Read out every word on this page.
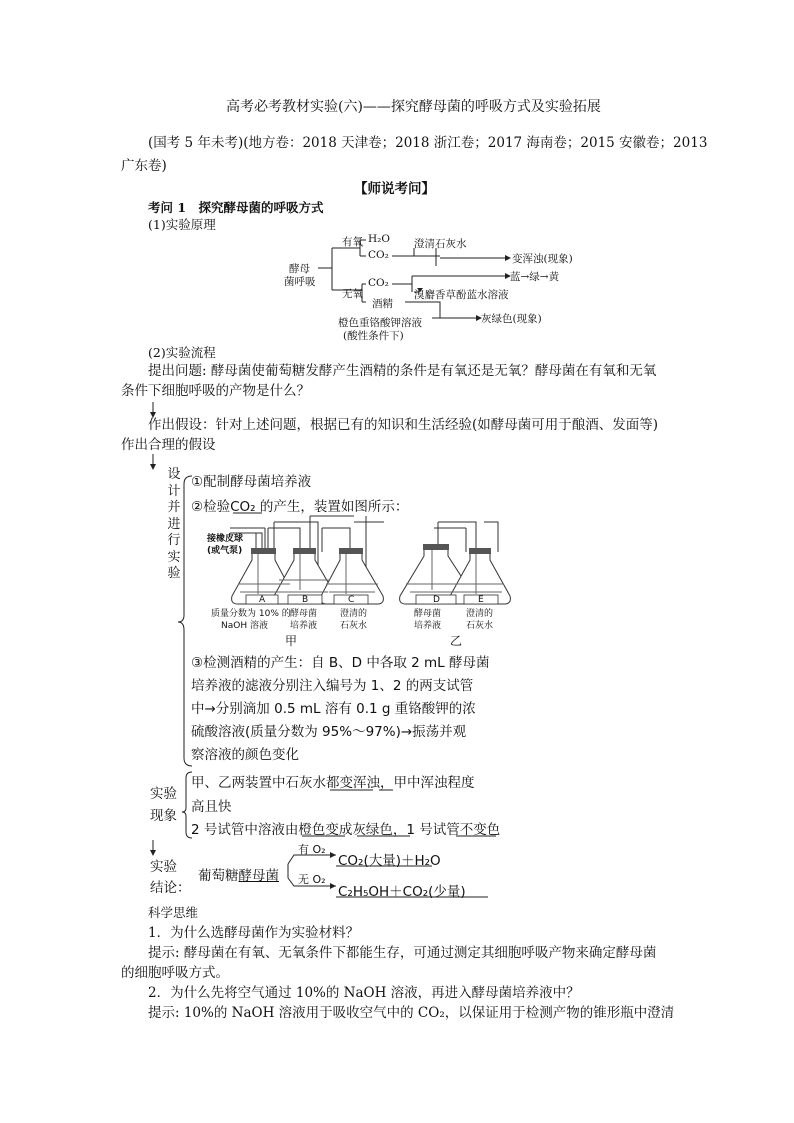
高考必考教材实验(六)——探究酵母菌的呼吸方式及实验拓展
(国考 5 年未考)(地方卷：2018 天津卷；2018 浙江卷；2017 海南卷；2015 安徽卷；2013
广东卷)
【师说考问】
考问 1　探究酵母菌的呼吸方式
(1)实验原理
酵母
菌呼吸
有氧
无氧
H₂O
CO₂
CO₂
酒精
澄清石灰水
变浑浊(现象)
蓝→绿→黄
溴麝香草酚蓝水溶液
橙色重铬酸钾溶液
(酸性条件下)
灰绿色(现象)
(2)实验流程
提出问题: 酵母菌使葡萄糖发酵产生酒精的条件是有氧还是无氧？酵母菌在有氧和无氧
条件下细胞呼吸的产物是什么？
作出假设：针对上述问题，根据已有的知识和生活经验(如酵母菌可用于酿酒、发面等)
作出合理的假设
设
计
并
进
行
实
验
①配制酵母菌培养液
②检验CO₂ 的产生，装置如图所示：
接橡皮球
(或气泵)
A	B	C	D	E
质量分数为 10% 的
NaOH 溶液
酵母菌
培养液
澄清的
石灰水
酵母菌
培养液
澄清的
石灰水
甲	乙
③检测酒精的产生：自 B、D 中各取 2 mL 酵母菌
培养液的滤液分别注入编号为 1、2 的两支试管
中→分别滴加 0.5 mL 溶有 0.1 g 重铬酸钾的浓
硫酸溶液(质量分数为 95%～97%)→振荡并观
察溶液的颜色变化
实验
现象
甲、乙两装置中石灰水都变浑浊，甲中浑浊程度
高且快
2 号试管中溶液由橙色变成灰绿色，1 号试管不变色
实验
结论：
葡萄糖酵母菌
有 O₂
无 O₂
CO₂(大量)＋H₂O
C₂H₅OH＋CO₂(少量)
科学思维
1．为什么选酵母菌作为实验材料？
提示: 酵母菌在有氧、无氧条件下都能生存，可通过测定其细胞呼吸产物来确定酵母菌
的细胞呼吸方式。
2．为什么先将空气通过 10%的 NaOH 溶液，再进入酵母菌培养液中？
提示: 10%的 NaOH 溶液用于吸收空气中的 CO₂，以保证用于检测产物的锥形瓶中澄清
